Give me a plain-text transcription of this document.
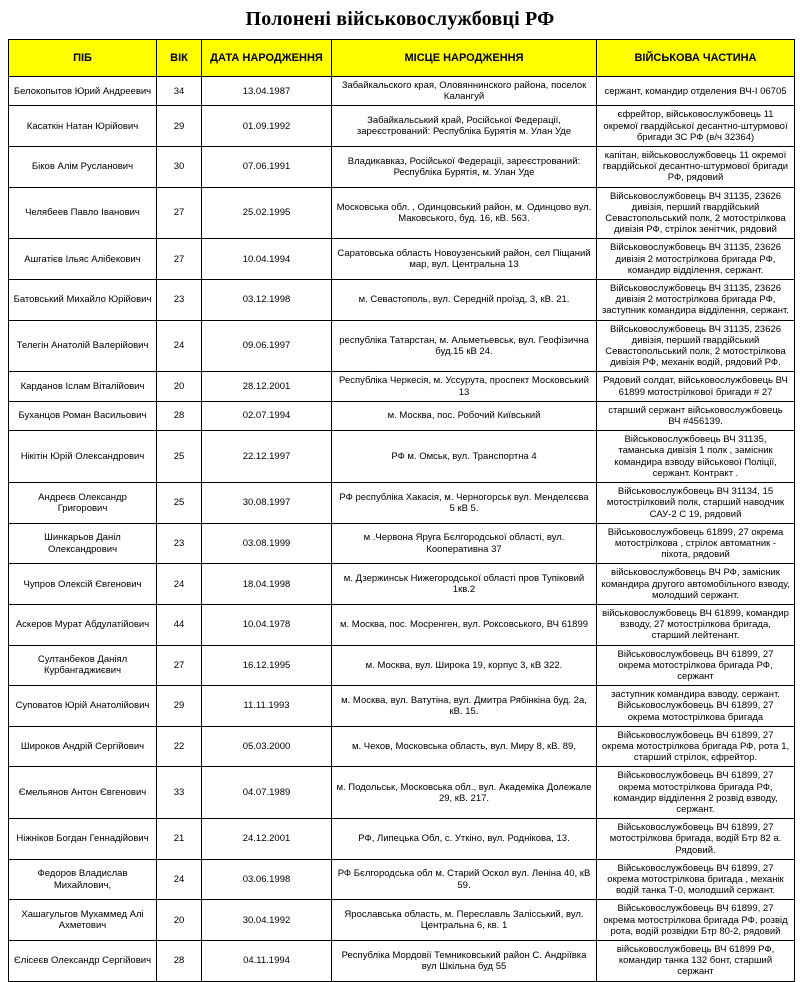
Полонені військовослужбовці РФ
ПІБ	ВІК	ДАТА НАРОДЖЕННЯ	МІСЦЕ НАРОДЖЕННЯ	ВІЙСЬКОВА ЧАСТИНА
Белокопытов Юрий Андреевич	34	13.04.1987	Забайкальского края, Оловяннинского района, поселок Калангуй	сержант, командир отделения ВЧ-І 06705
Касаткін Натан Юрійович	29	01.09.1992	Забайкальський край, Російської Федерації, зареєстрований: Республіка Бурятія м. Улан Уде	єфрейтор, військовослужбовець 11 окремої гвардійської десантно-штурмової бригади ЗС РФ (в/ч 32364)
Біков Алім Русланович	30	07.06.1991	Владикавказ, Російської Федерації, зареєстрований: Республіка Бурятія, м. Улан Уде	капітан, військовослужбовець 11 окремої гвардійської десантно-штурмової бригади РФ, рядовий
Челябеев Павло Іванович	27	25.02.1995	Московська обл. , Одинцовський район, м. Одинцово вул. Маковського, буд. 16, кВ. 563.	Військовослужбовець ВЧ 31135, 23626 дивізія, перший гвардійський Севастопольський полк, 2 мотострілкова дивізія РФ, стрілок зенітчик, рядовий
Ашгатієв Ільяс Алібекович	27	10.04.1994	Саратовська область Новоузенський район, сел Піщаний мар, вул. Центральна 13	Військовослужбовець ВЧ 31135, 23626 дивізія 2 мотострілкова бригада РФ, командир відділення, сержант.
Батовський Михайло Юрійович	23	03.12.1998	м. Севастополь, вул. Середній проїзд, 3, кВ. 21.	Військовослужбовець ВЧ 31135, 23626 дивізія 2 мотострілкова бригада РФ, заступник командира відділення, сержант.
Телегін Анатолій Валерійович	24	09.06.1997	республіка Татарстан, м. Альметьевськ, вул. Геофізична буд.15 кВ 24.	Військовослужбовець ВЧ 31135, 23626 дивізія, перший гвардійський Севастопольський полк, 2 мотострілкова дивізія РФ, механік водій, рядовий РФ.
Карданов Іслам Віталійович	20	28.12.2001	Республіка Черкесія, м. Уссурута, проспект Московський 13	Рядовий солдат, військовослужбовець ВЧ 61899 мотострілкової бригади # 27
Буханцов Роман Васильович	28	02.07.1994	м. Москва, пос. Робочий Київський	старший сержант військовослужбовець ВЧ #456139.
Нікітін Юрій Олександрович	25	22.12.1997	РФ м. Омськ, вул. Транспортна 4	Військовослужбовець ВЧ 31135, таманська дивізія 1 полк , замісник командира взводу військової Поліції, сержант. Контракт .
Андреєв Олександр Григорович	25	30.08.1997	РФ республіка Хакасія, м. Черногорськ вул. Менделєєва 5 кВ 5.	Військовослужбовець ВЧ 31134, 15 мотострілковий полк, старший наводчик САУ-2 С 19, рядовий
Шинкарьов Даніл Олександрович	23	03.08.1999	м .Червона Яруга Бєлгородської області, вул. Кооперативна 37	Військовослужбовець 61899, 27 окрема мотострілкова , стрілок автоматник - піхота, рядовий
Чупров Олексій Євгенович	24	18.04.1998	м. Дзержинськ Нижегородської області пров Тупіковий 1кв.2	військовослужбовець ВЧ РФ, замісник командира другого автомобільного взводу, молодший сержант.
Аскеров Мурат Абдулатійович	44	10.04.1978	м. Москва, пос. Мосренген, вул. Роксовського, ВЧ 61899	військовослужбовець ВЧ 61899, командир взводу, 27 мотострілкова бригада, старший лейтенант.
Султанбеков Даніял Курбангаджиєвич	27	16.12.1995	м. Москва, вул. Широка 19, корпус 3, кВ 322.	Військовослужбовець ВЧ 61899, 27 окрема мотострілкова бригада РФ, сержант
Суповатов Юрій Анатолійович	29	11.11.1993	м. Москва, вул. Ватутіна, вул. Дмитра Рябінкіна буд. 2а, кВ. 15.	заступник командира взводу, сержант. Військовослужбовець ВЧ 61899, 27 окрема мотострілкова бригада
Широков Андрій Сергійович	22	05.03.2000	м. Чехов, Московська область, вул. Миру 8, кВ. 89,	Військовослужбовець ВЧ 61899, 27 окрема мотострілкова бригада РФ, рота 1, старший стрілок, єфрейтор.
Ємельянов Антон Євгенович	33	04.07.1989	м. Подольськ, Московська обл., вул. Академіка Долежале 29, кВ. 217.	Військовослужбовець ВЧ 61899, 27 окрема мотострілкова бригада РФ, командир відділення 2 розвід взводу, сержант.
Ніжніков Богдан Геннадійович	21	24.12.2001	РФ, Липецька Обл, с. Уткіно, вул. Роднікова, 13.	Військовослужбовець ВЧ 61899, 27 мотострілкова бригада, водій Бтр 82 а. Рядовий.
Федоров Владислав Михайлович,	24	03.06.1998	РФ Бєлгородська обл м. Старий Оскол вул. Леніна 40, кВ 59.	Військовослужбовець ВЧ 61899, 27 окрема мотострілкова бригада , механік водій танка Т-0, молодший сержант.
Хашагульгов Мухаммед Алі Ахметович	20	30.04.1992	Ярославська область, м. Переславль Залісський, вул. Центральна 6, кв. 1	Військовослужбовець ВЧ 61899, 27 окрема мотострілкова бригада РФ, розвід рота, водій розвідки Бтр 80-2, рядовий
Єлісеєв Олександр Сергійович	28	04.11.1994	Республіка Мордовії Темниковський район С. Андріївка вул Шкільна буд 55	військовослужбовець ВЧ 61899 РФ, командир танка 132 бонт, старший сержант
